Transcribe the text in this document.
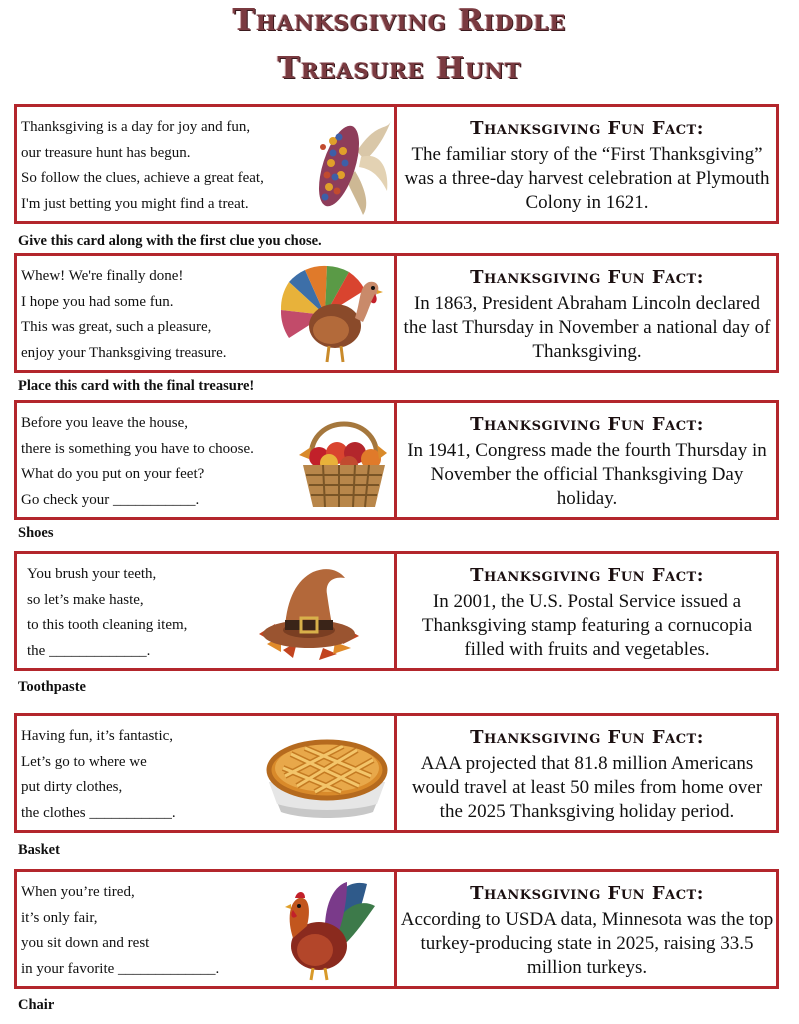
Thanksgiving Riddle
Treasure Hunt
Thanksgiving is a day for joy and fun,
our treasure hunt has begun.
So follow the clues, achieve a great feat,
I'm just betting you might find a treat.
Thanksgiving Fun Fact:
The familiar story of the “First Thanksgiving” was a three-day harvest celebration at Plymouth Colony in 1621.
Give this card along with the first clue you chose.
Whew! We're finally done!
I hope you had some fun.
This was great, such a pleasure,
enjoy your Thanksgiving treasure.
Thanksgiving Fun Fact:
In 1863, President Abraham Lincoln declared the last Thursday in November a national day of Thanksgiving.
Place this card with the final treasure!
Before you leave the house,
there is something you have to choose.
What do you put on your feet?
Go check your ___________.
Thanksgiving Fun Fact:
In 1941, Congress made the fourth Thursday in November the official Thanksgiving Day holiday.
Shoes
You brush your teeth,
so let’s make haste,
to this tooth cleaning item,
the _____________.
Thanksgiving Fun Fact:
In 2001, the U.S. Postal Service issued a Thanksgiving stamp featuring a cornucopia filled with fruits and vegetables.
Toothpaste
Having fun, it’s fantastic,
Let’s go to where we
put dirty clothes,
the clothes ___________.
Thanksgiving Fun Fact:
AAA projected that 81.8 million Americans would travel at least 50 miles from home over the 2025 Thanksgiving holiday period.
Basket
When you’re tired,
it’s only fair,
you sit down and rest
in your favorite _____________.
Thanksgiving Fun Fact:
According to USDA data, Minnesota was the top turkey-producing state in 2025, raising 33.5 million turkeys.
Chair
